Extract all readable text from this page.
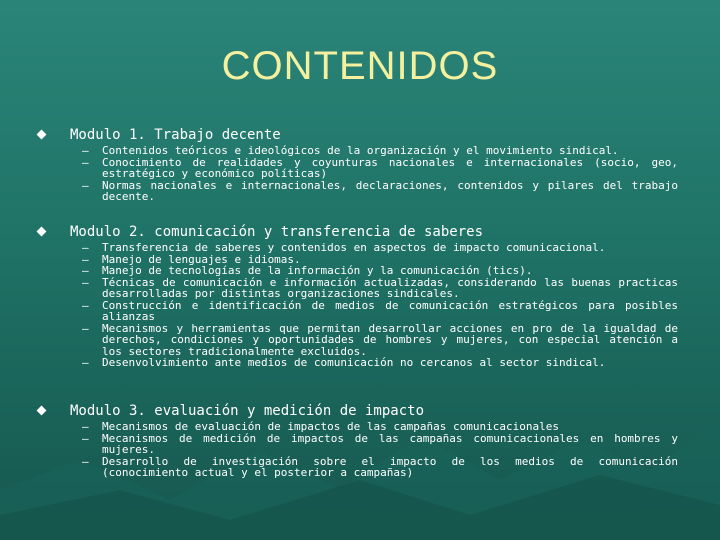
CONTENIDOS
Modulo 1. Trabajo decente
– Contenidos teóricos e ideológicos de la organización y el movimiento sindical.
– Conocimiento de realidades y coyunturas nacionales e internacionales (socio, geo, estratégico y económico políticas)
– Normas nacionales e internacionales, declaraciones, contenidos y pilares del trabajo decente.
Modulo 2. comunicación y transferencia de saberes
– Transferencia de saberes y contenidos en aspectos de impacto comunicacional.
– Manejo de lenguajes e idiomas.
– Manejo de tecnologías de la información y la comunicación (tics).
– Técnicas de comunicación e información actualizadas, considerando las buenas practicas desarrolladas por distintas organizaciones sindicales.
– Construcción e identificación de medios de comunicación estratégicos para posibles alianzas
– Mecanismos y herramientas que permitan desarrollar acciones en pro de la igualdad de derechos, condiciones y oportunidades de hombres y mujeres, con especial atención a los sectores tradicionalmente excluidos.
– Desenvolvimiento ante medios de comunicación no cercanos al sector sindical.
Modulo 3. evaluación y medición de impacto
– Mecanismos de evaluación de impactos de las campañas comunicacionales
– Mecanismos de medición de impactos de las campañas comunicacionales en hombres y mujeres.
– Desarrollo de investigación sobre el impacto de los medios de comunicación (conocimiento actual y el posterior a campañas)
